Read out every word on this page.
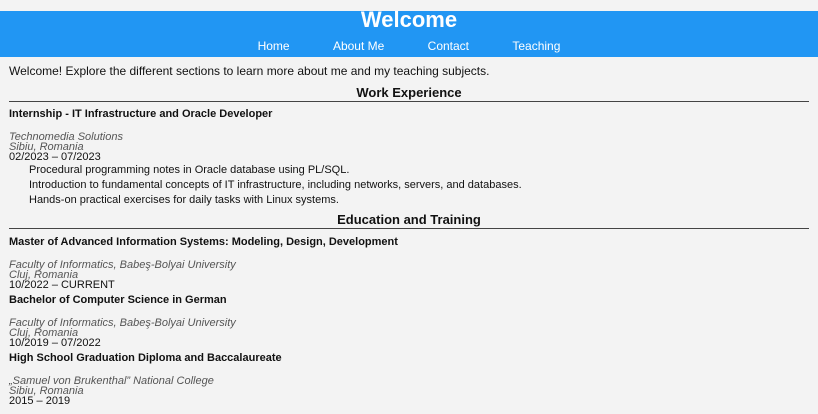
Welcome
Home	About Me	Contact	Teaching

Welcome! Explore the different sections to learn more about me and my teaching subjects.

Work Experience

Internship - IT Infrastructure and Oracle Developer

Technomedia Solutions

Sibiu, Romania

02/2023 – 07/2023

Procedural programming notes in Oracle database using PL/SQL.
Introduction to fundamental concepts of IT infrastructure, including networks, servers, and databases.
Hands-on practical exercises for daily tasks with Linux systems.
Education and Training

Master of Advanced Information Systems: Modeling, Design, Development

Faculty of Informatics, Babeş-Bolyai University

Cluj, Romania

10/2022 – CURRENT

Bachelor of Computer Science in German

Faculty of Informatics, Babeş-Bolyai University

Cluj, Romania

10/2019 – 07/2022

High School Graduation Diploma and Baccalaureate

„Samuel von Brukenthal” National College

Sibiu, Romania

2015 – 2019
